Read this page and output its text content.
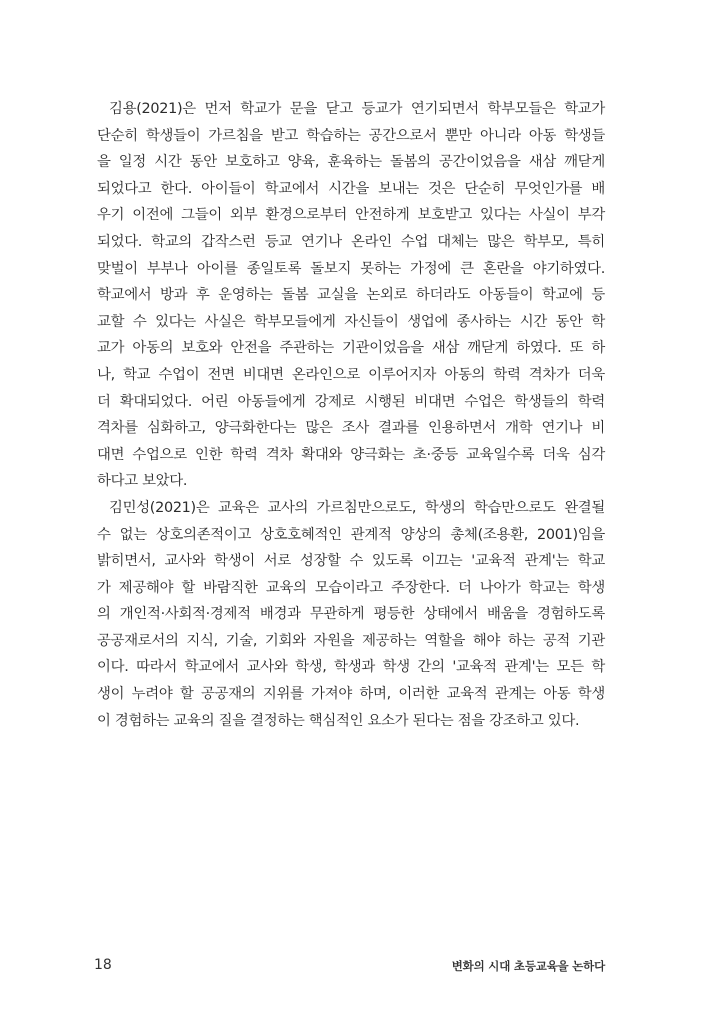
김용(2021)은 먼저 학교가 문을 닫고 등교가 연기되면서 학부모들은 학교가
단순히 학생들이 가르침을 받고 학습하는 공간으로서 뿐만 아니라 아동 학생들
을 일정 시간 동안 보호하고 양육, 훈육하는 돌봄의 공간이었음을 새삼 깨닫게
되었다고 한다. 아이들이 학교에서 시간을 보내는 것은 단순히 무엇인가를 배
우기 이전에 그들이 외부 환경으로부터 안전하게 보호받고 있다는 사실이 부각
되었다. 학교의 갑작스런 등교 연기나 온라인 수업 대체는 많은 학부모, 특히
맞벌이 부부나 아이를 종일토록 돌보지 못하는 가정에 큰 혼란을 야기하였다.
학교에서 방과 후 운영하는 돌봄 교실을 논외로 하더라도 아동들이 학교에 등
교할 수 있다는 사실은 학부모들에게 자신들이 생업에 종사하는 시간 동안 학
교가 아동의 보호와 안전을 주관하는 기관이었음을 새삼 깨닫게 하였다. 또 하
나, 학교 수업이 전면 비대면 온라인으로 이루어지자 아동의 학력 격차가 더욱
더 확대되었다. 어린 아동들에게 강제로 시행된 비대면 수업은 학생들의 학력
격차를 심화하고, 양극화한다는 많은 조사 결과를 인용하면서 개학 연기나 비
대면 수업으로 인한 학력 격차 확대와 양극화는 초·중등 교육일수록 더욱 심각
하다고 보았다.

김민성(2021)은 교육은 교사의 가르침만으로도, 학생의 학습만으로도 완결될
수 없는 상호의존적이고 상호호혜적인 관계적 양상의 총체(조용환, 2001)임을
밝히면서, 교사와 학생이 서로 성장할 수 있도록 이끄는 '교육적 관계'는 학교
가 제공해야 할 바람직한 교육의 모습이라고 주장한다. 더 나아가 학교는 학생
의 개인적·사회적·경제적 배경과 무관하게 평등한 상태에서 배움을 경험하도록
공공재로서의 지식, 기술, 기회와 자원을 제공하는 역할을 해야 하는 공적 기관
이다. 따라서 학교에서 교사와 학생, 학생과 학생 간의 '교육적 관계'는 모든 학
생이 누려야 할 공공재의 지위를 가져야 하며, 이러한 교육적 관계는 아동 학생
이 경험하는 교육의 질을 결정하는 핵심적인 요소가 된다는 점을 강조하고 있다.

18	변화의 시대 초등교육을 논하다
